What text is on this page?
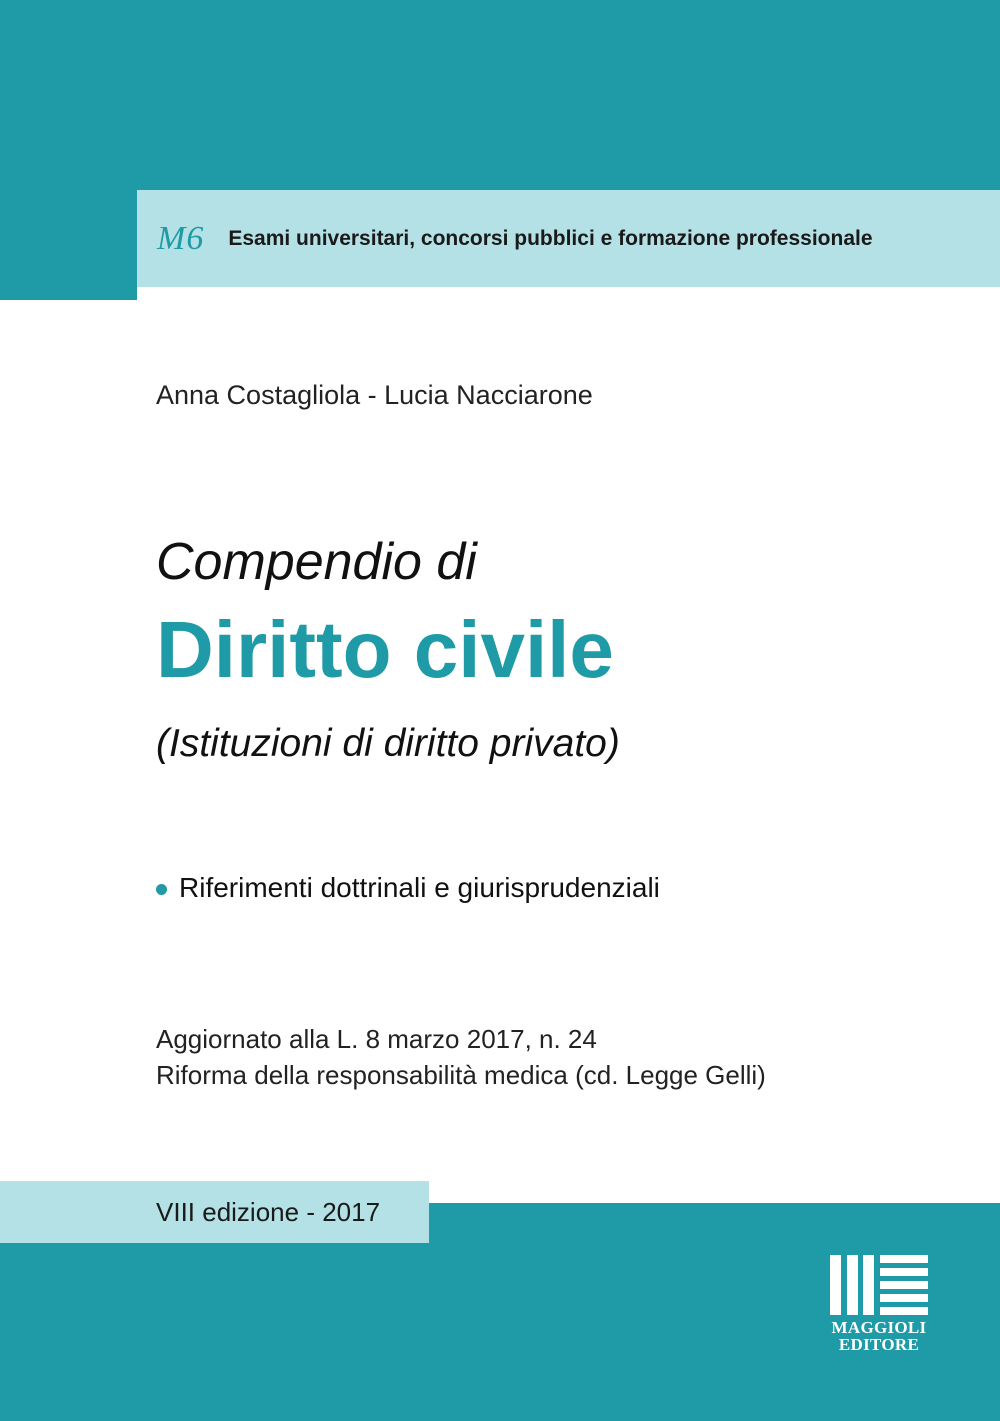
M6 Esami universitari, concorsi pubblici e formazione professionale
Anna Costagliola - Lucia Nacciarone
Compendio di
Diritto civile
(Istituzioni di diritto privato)
Riferimenti dottrinali e giurisprudenziali
Aggiornato alla L. 8 marzo 2017, n. 24
Riforma della responsabilità medica (cd. Legge Gelli)
VIII edizione - 2017
MAGGIOLI
EDITORE
